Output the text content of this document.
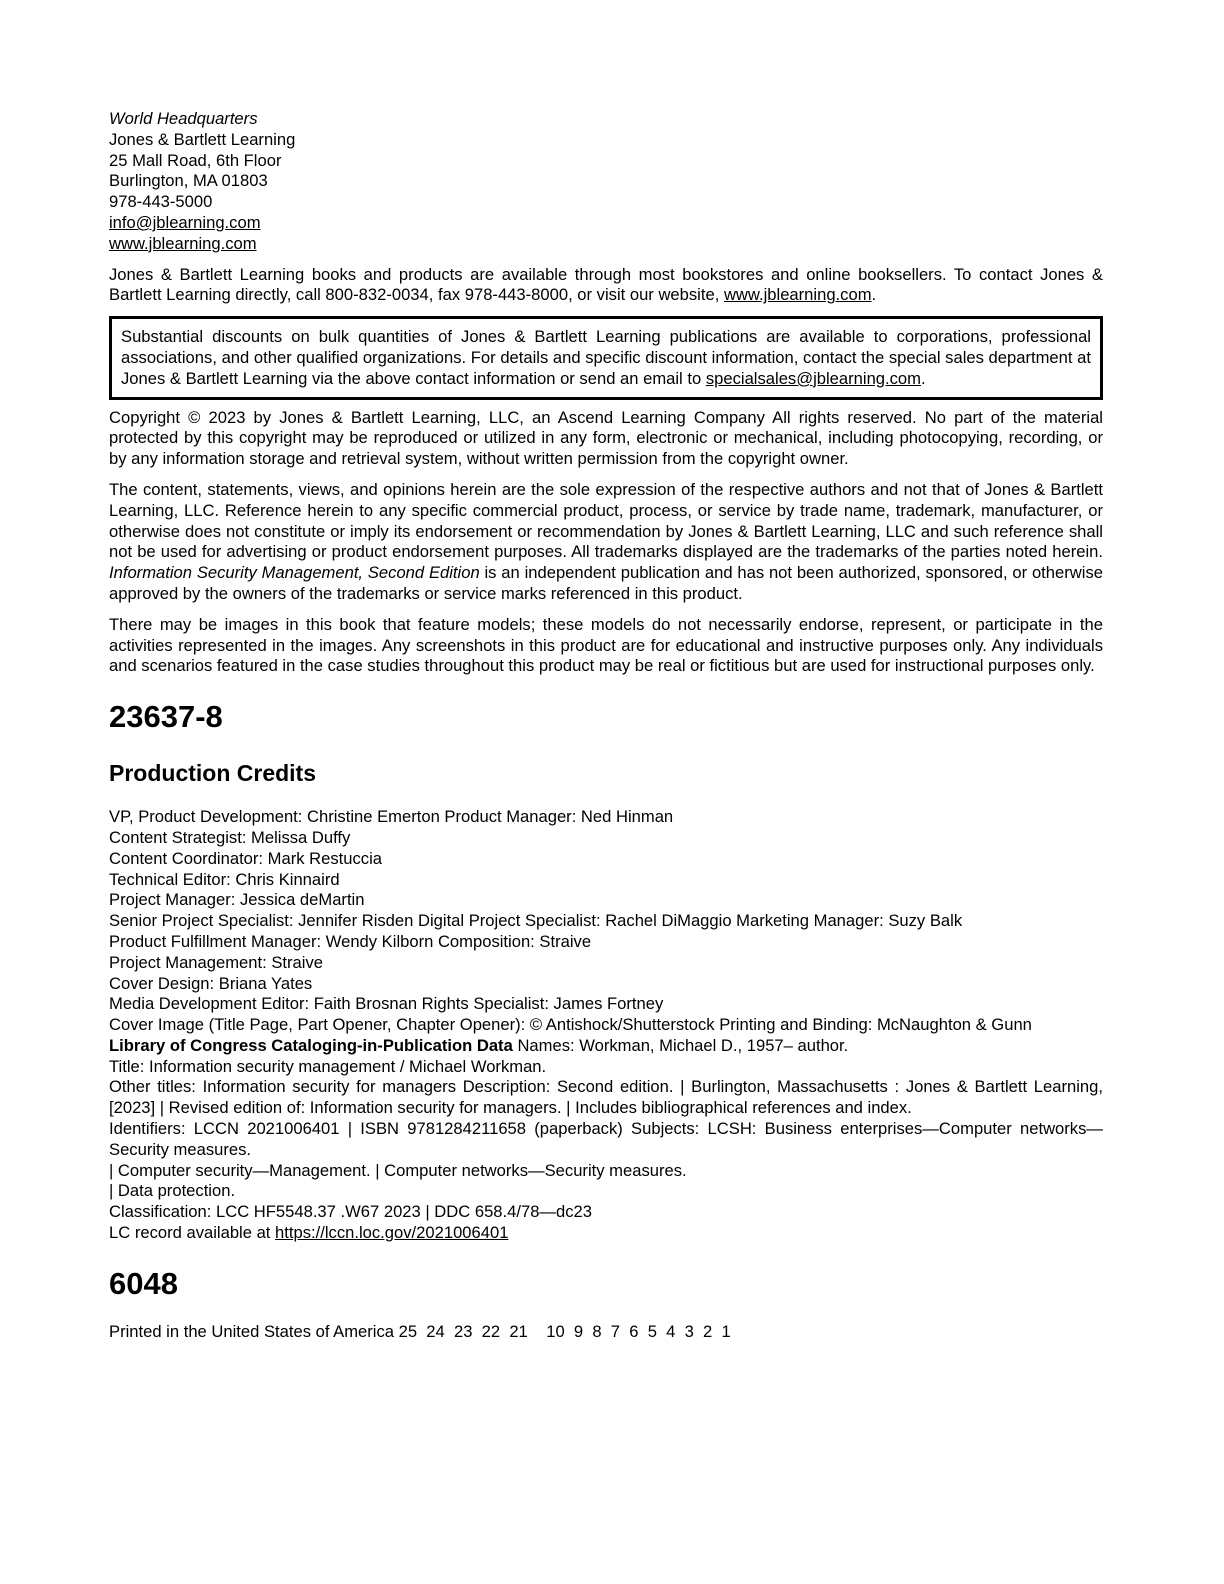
World Headquarters
Jones & Bartlett Learning
25 Mall Road, 6th Floor
Burlington, MA 01803
978-443-5000
info@jblearning.com
www.jblearning.com

Jones & Bartlett Learning books and products are available through most bookstores and online booksellers. To contact Jones & Bartlett Learning directly, call 800-832-0034, fax 978-443-8000, or visit our website, www.jblearning.com.

Substantial discounts on bulk quantities of Jones & Bartlett Learning publications are available to corporations, professional associations, and other qualified organizations. For details and specific discount information, contact the special sales department at Jones & Bartlett Learning via the above contact information or send an email to specialsales@jblearning.com.

Copyright © 2023 by Jones & Bartlett Learning, LLC, an Ascend Learning Company All rights reserved. No part of the material protected by this copyright may be reproduced or utilized in any form, electronic or mechanical, including photocopying, recording, or by any information storage and retrieval system, without written permission from the copyright owner.

The content, statements, views, and opinions herein are the sole expression of the respective authors and not that of Jones & Bartlett Learning, LLC. Reference herein to any specific commercial product, process, or service by trade name, trademark, manufacturer, or otherwise does not constitute or imply its endorsement or recommendation by Jones & Bartlett Learning, LLC and such reference shall not be used for advertising or product endorsement purposes. All trademarks displayed are the trademarks of the parties noted herein. Information Security Management, Second Edition is an independent publication and has not been authorized, sponsored, or otherwise approved by the owners of the trademarks or service marks referenced in this product.

There may be images in this book that feature models; these models do not necessarily endorse, represent, or participate in the activities represented in the images. Any screenshots in this product are for educational and instructive purposes only. Any individuals and scenarios featured in the case studies throughout this product may be real or fictitious but are used for instructional purposes only.

23637-8
Production Credits
VP, Product Development: Christine Emerton Product Manager: Ned Hinman
Content Strategist: Melissa Duffy
Content Coordinator: Mark Restuccia
Technical Editor: Chris Kinnaird
Project Manager: Jessica deMartin
Senior Project Specialist: Jennifer Risden Digital Project Specialist: Rachel DiMaggio Marketing Manager: Suzy Balk
Product Fulfillment Manager: Wendy Kilborn Composition: Straive
Project Management: Straive
Cover Design: Briana Yates
Media Development Editor: Faith Brosnan Rights Specialist: James Fortney
Cover Image (Title Page, Part Opener, Chapter Opener): © Antishock/Shutterstock Printing and Binding: McNaughton & Gunn
Library of Congress Cataloging-in-Publication Data Names: Workman, Michael D., 1957– author.
Title: Information security management / Michael Workman.
Other titles: Information security for managers Description: Second edition. | Burlington, Massachusetts : Jones & Bartlett Learning, [2023] | Revised edition of: Information security for managers. | Includes bibliographical references and index.
Identifiers: LCCN 2021006401 | ISBN 9781284211658 (paperback) Subjects: LCSH: Business enterprises—Computer networks—Security measures.
| Computer security—Management. | Computer networks—Security measures.
| Data protection.
Classification: LCC HF5548.37 .W67 2023 | DDC 658.4/78—dc23
LC record available at https://lccn.loc.gov/2021006401
6048
Printed in the United States of America 25  24  23  22  21    10  9  8  7  6  5  4  3  2  1
